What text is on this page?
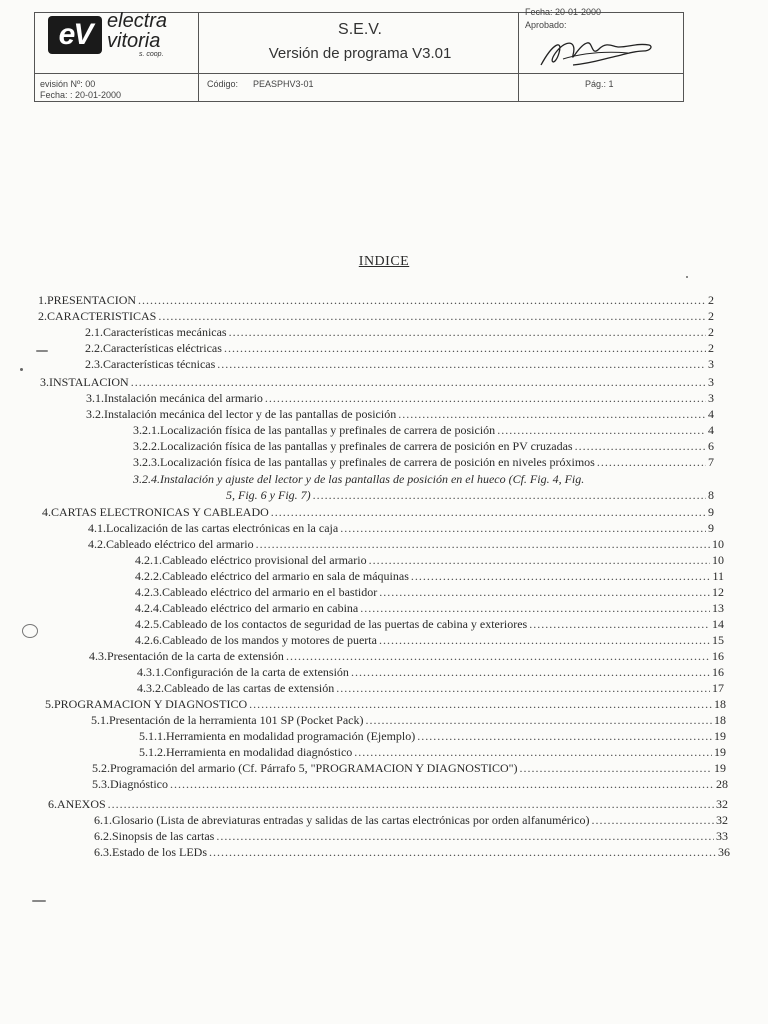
eV electra
vitoria
s. coop.
S.E.V.
Versión de programa V3.01
Fecha: 20-01-2000
Aprobado:
evisión Nº: 00
Fecha: : 20-01-2000
Código: PEASPHV3-01	Pág.: 1
INDICE
1.PRESENTACION .....	2
2.CARACTERISTICAS .....	2
2.1.Características mecánicas .....	2
2.2.Características eléctricas .....	2
2.3.Características técnicas .....	3
3.INSTALACION .....	3
3.1.Instalación mecánica del armario .....	3
3.2.Instalación mecánica del lector y de las pantallas de posición .....	4
3.2.1.Localización física de las pantallas y prefinales de carrera de posición .....	4
3.2.2.Localización física de las pantallas y prefinales de carrera de posición en PV cruzadas .....	6
3.2.3.Localización física de las pantallas y prefinales de carrera de posición en niveles próximos .....	7
3.2.4.Instalación y ajuste del lector y de las pantallas de posición en el hueco (Cf. Fig. 4, Fig.
5, Fig. 6 y Fig. 7) .....	8
4.CARTAS ELECTRONICAS Y CABLEADO .....	9
4.1.Localización de las cartas electrónicas en la caja .....	9
4.2.Cableado eléctrico del armario .....	10
4.2.1.Cableado eléctrico provisional del armario .....	10
4.2.2.Cableado eléctrico del armario en sala de máquinas .....	11
4.2.3.Cableado eléctrico del armario en el bastidor .....	12
4.2.4.Cableado eléctrico del armario en cabina .....	13
4.2.5.Cableado de los contactos de seguridad de las puertas de cabina y exteriores .....	14
4.2.6.Cableado de los mandos y motores de puerta .....	15
4.3.Presentación de la carta de extensión .....	16
4.3.1.Configuración de la carta de extensión .....	16
4.3.2.Cableado de las cartas de extensión .....	17
5.PROGRAMACION Y DIAGNOSTICO .....	18
5.1.Presentación de la herramienta 101 SP (Pocket Pack) .....	18
5.1.1.Herramienta en modalidad programación (Ejemplo) .....	19
5.1.2.Herramienta en modalidad diagnóstico .....	19
5.2.Programación del armario (Cf. Párrafo 5, "PROGRAMACION Y DIAGNOSTICO") .....	19
5.3.Diagnóstico .....	28
6.ANEXOS .....	32
6.1.Glosario (Lista de abreviaturas entradas y salidas de las cartas electrónicas por orden alfanumérico) .....	32
6.2.Sinopsis de las cartas .....	33
6.3.Estado de los LEDs .....	36
